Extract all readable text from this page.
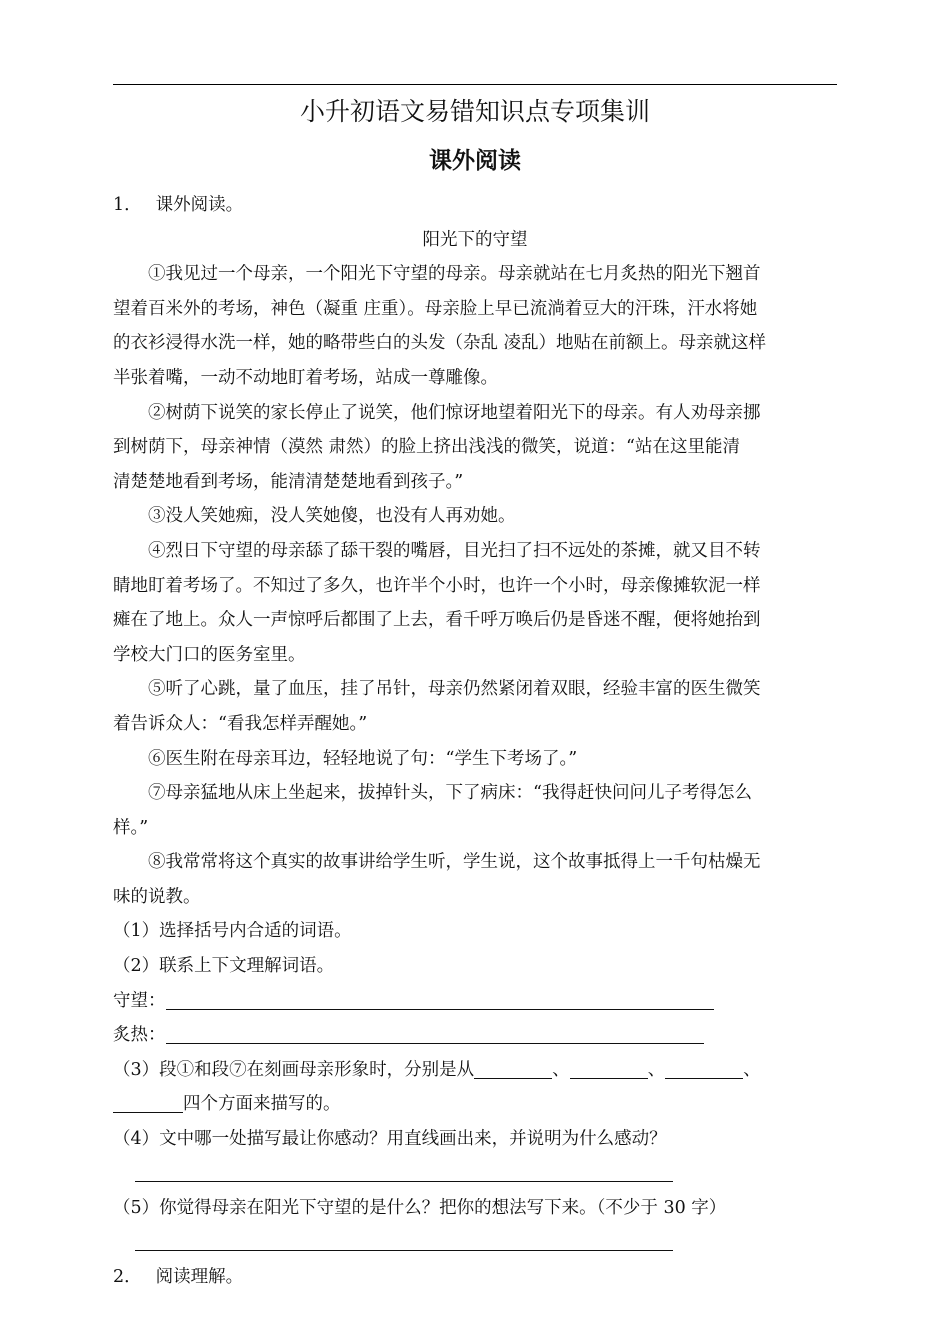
小升初语文易错知识点专项集训
课外阅读
1． 课外阅读。
阳光下的守望
①我见过一个母亲，一个阳光下守望的母亲。母亲就站在七月炙热的阳光下翘首
望着百米外的考场，神色（凝重 庄重）。母亲脸上早已流淌着豆大的汗珠，汗水将她
的衣衫浸得水洗一样，她的略带些白的头发（杂乱 凌乱）地贴在前额上。母亲就这样
半张着嘴，一动不动地盯着考场，站成一尊雕像。
②树荫下说笑的家长停止了说笑，他们惊讶地望着阳光下的母亲。有人劝母亲挪
到树荫下，母亲神情（漠然 肃然）的脸上挤出浅浅的微笑，说道：“站在这里能清
清楚楚地看到考场，能清清楚楚地看到孩子。”
③没人笑她痴，没人笑她傻，也没有人再劝她。
④烈日下守望的母亲舔了舔干裂的嘴唇，目光扫了扫不远处的茶摊，就又目不转
睛地盯着考场了。不知过了多久，也许半个小时，也许一个小时，母亲像摊软泥一样
瘫在了地上。众人一声惊呼后都围了上去，看千呼万唤后仍是昏迷不醒，便将她抬到
学校大门口的医务室里。
⑤听了心跳，量了血压，挂了吊针，母亲仍然紧闭着双眼，经验丰富的医生微笑
着告诉众人：“看我怎样弄醒她。”
⑥医生附在母亲耳边，轻轻地说了句：“学生下考场了。”
⑦母亲猛地从床上坐起来，拔掉针头，下了病床：“我得赶快问问儿子考得怎么
样。”
⑧我常常将这个真实的故事讲给学生听，学生说，这个故事抵得上一千句枯燥无
味的说教。
（1）选择括号内合适的词语。
（2）联系上下文理解词语。
守望：
炙热：
（3）段①和段⑦在刻画母亲形象时，分别是从	、	、	、
四个方面来描写的。
（4）文中哪一处描写最让你感动？用直线画出来，并说明为什么感动？
（5）你觉得母亲在阳光下守望的是什么？把你的想法写下来。（不少于 30 字）
2． 阅读理解。
